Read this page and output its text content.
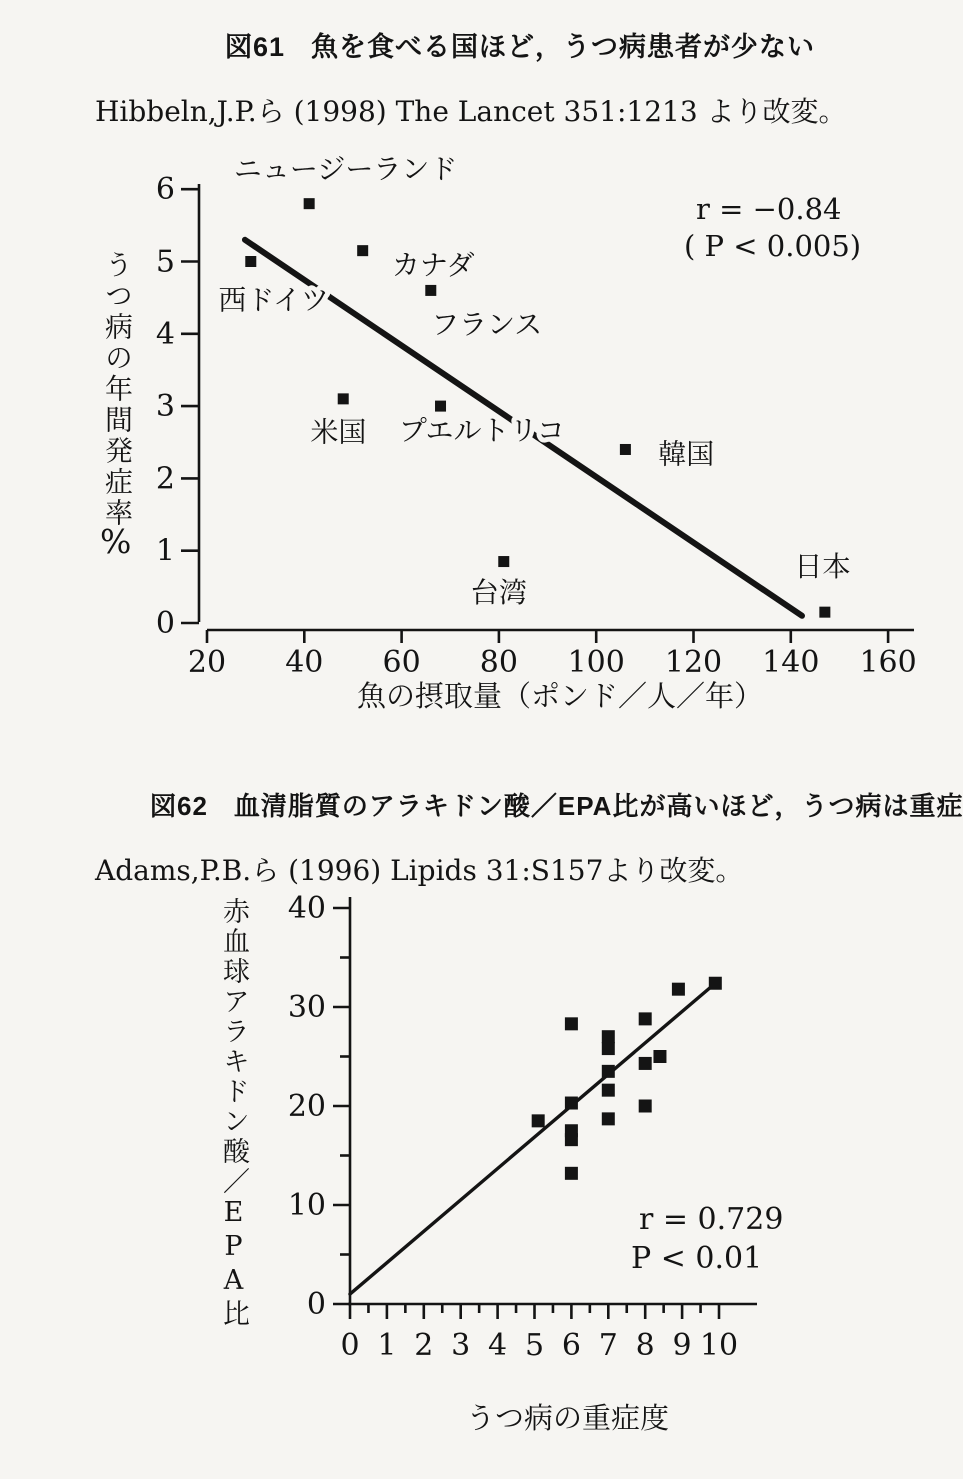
0
1
2
3
4
5
6
20 40 60 80 100 120 140 160
西ドイツ
ニュージーランド
カナダ
フランス
米国 プエルトリコ
韓国
台湾
日本
0
10
20
30
40
0 1 2 3 4 5 6 7 8 9 10
図61 魚を食べる国ほど，うつ病患者が少ない
Hibbeln,J.P.ら (1998) The Lancet 351:1213 より改変。
うつ病の年間発症率
%
魚の摂取量（ポンド／人／年）
r = −0.84
( P < 0.005)
図62 血清脂質のアラキドン酸／EPA比が高いほど，うつ病は重症
Adams,P.B.ら (1996) Lipids 31:S157より改変。
赤血球アラキドン酸／EPA比
うつ病の重症度
r = 0.729
P < 0.01
